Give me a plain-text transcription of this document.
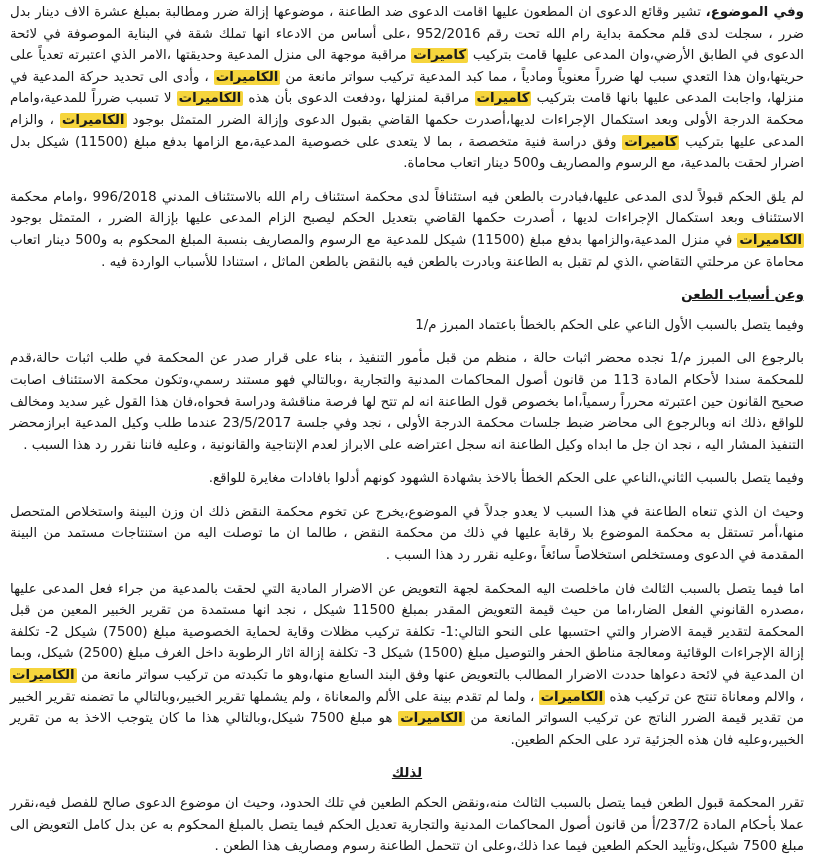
وفي الموضوع، تشير وقائع الدعوى ان المطعون عليها اقامت الدعوى ضد الطاعنة ، موضوعها إزالة ضرر ومطالبة بمبلغ عشرة الاف دينار بدل ضرر ، سجلت لدى قلم محكمة بداية رام الله تحت رقم 952/2016 ،على أساس من الادعاء انها تملك شقة في البناية الموصوفة في لائحة الدعوى في الطابق الأرضي،وان المدعى عليها قامت بتركيب كاميرات مراقبة موجهة الى منزل المدعية وحديقتها ،الامر الذي اعتبرته تعدياً على حريتها،وان هذا التعدي سبب لها ضرراً معنوياً ومادياً ، مما كبد المدعية تركيب سواتر مانعة من الكاميرات ، وأدى الى تحديد حركة المدعية في منزلها، واجابت المدعى عليها بانها قامت بتركيب كاميرات مراقبة لمنزلها ،ودفعت الدعوى بأن هذه الكاميرات لا تسبب ضرراً للمدعية،وامام محكمة الدرجة الأولى وبعد استكمال الإجراءات لديها،أصدرت حكمها القاضي بقبول الدعوى وإزالة الضرر المتمثل بوجود الكاميرات ، والزام المدعى عليها بتركيب كاميرات وفق دراسة فنية متخصصة ، بما لا يتعدى على خصوصية المدعية،مع الزامها بدفع مبلغ (11500) شيكل بدل اضرار لحقت بالمدعية، مع الرسوم والمصاريف و500 دينار اتعاب محاماة.

لم يلق الحكم قبولاً لدى المدعى عليها،فبادرت بالطعن فيه استئنافاً لدى محكمة استئناف رام الله بالاستئناف المدني 996/2018 ،وامام محكمة الاستئناف وبعد استكمال الإجراءات لديها ، أصدرت حكمها القاضي بتعديل الحكم ليصبح الزام المدعى عليها بإزالة الضرر ، المتمثل بوجود الكاميرات في منزل المدعية،والزامها بدفع مبلغ (11500) شيكل للمدعية مع الرسوم والمصاريف بنسبة المبلغ المحكوم به و500 دينار اتعاب محاماة عن مرحلتي التقاضي ،الذي لم تقبل به الطاعنة وبادرت بالطعن فيه بالنقض بالطعن الماثل ، استنادا للأسباب الواردة فيه .

وعن أسباب الطعن

وفيما يتصل بالسبب الأول الناعي على الحكم بالخطأ باعتماد المبرز م/1

بالرجوع الى المبرز م/1 نجده محضر اثبات حالة ، منظم من قبل مأمور التنفيذ ، بناء على قرار صدر عن المحكمة في طلب اثبات حالة،قدم للمحكمة سندا لأحكام المادة 113 من قانون أصول المحاكمات المدنية والتجارية ،وبالتالي فهو مستند رسمي،وتكون محكمة الاستئناف اصابت صحيح القانون حين اعتبرته محرراً رسمياً،اما بخصوص قول الطاعنة انه لم تتح لها فرصة مناقشة ودراسة فحواه،فان هذا القول غير سديد ومخالف للواقع ،ذلك انه وبالرجوع الى محاضر ضبط جلسات محكمة الدرجة الأولى ، نجد وفي جلسة 23/5/2017 عندما طلب وكيل المدعية ابرازمحضر التنفيذ المشار اليه ، نجد ان جل ما ابداه وكيل الطاعنة انه سجل اعتراضه على الابراز لعدم الإنتاجية والقانونية ، وعليه فاننا نقرر رد هذا السبب .

وفيما يتصل بالسبب الثاني،الناعي على الحكم الخطأ بالاخذ بشهادة الشهود كونهم أدلوا بافادات مغايرة للواقع.

وحيث ان الذي تنعاه الطاعنة في هذا السبب لا يعدو جدلاً في الموضوع،يخرج عن تخوم محكمة النقض ذلك ان وزن البينة واستخلاص المتحصل منها،أمر تستقل به محكمة الموضوع بلا رقابة عليها في ذلك من محكمة النقض ، طالما ان ما توصلت اليه من استنتاجات مستمد من البينة المقدمة في الدعوى ومستخلص استخلاصاً سائغاً ،وعليه نقرر رد هذا السبب .

اما فيما يتصل بالسبب الثالث فان ماخلصت اليه المحكمة لجهة التعويض عن الاضرار المادية التي لحقت بالمدعية من جراء فعل المدعى عليها ،مصدره القانوني الفعل الضار،اما من حيث قيمة التعويض المقدر بمبلغ 11500 شيكل ، نجد انها مستمدة من تقرير الخبير المعين من قبل المحكمة لتقدير قيمة الاضرار والتي احتسبها على النحو التالي:1- تكلفة تركيب مظلات وقاية لحماية الخصوصية مبلغ (7500) شيكل 2- تكلفة إزالة الإجراءات الوقائية ومعالجة مناطق الحفر والتوصيل مبلغ (1500) شيكل 3- تكلفة إزالة اثار الرطوبة داخل الغرف مبلغ (2500) شيكل، وبما ان المدعية في لائحة دعواها حددت الاضرار المطالب بالتعويض عنها وفق البند السابع منها،وهو ما تكبدته من تركيب سواتر مانعة من الكاميرات ، والالم ومعاناة تنتج عن تركيب هذه الكاميرات ، ولما لم تقدم بينة على الألم والمعاناة ، ولم يشملها تقرير الخبير،وبالتالي ما تضمنه تقرير الخبير من تقدير قيمة الضرر الناتج عن تركيب السواتر المانعة من الكاميرات هو مبلغ 7500 شيكل،وبالتالي هذا ما كان يتوجب الاخذ به من تقرير الخبير،وعليه فان هذه الجزئية ترد على الحكم الطعين.

لذلك

تقرر المحكمة قبول الطعن فيما يتصل بالسبب الثالث منه،ونقض الحكم الطعين في تلك الحدود، وحيث ان موضوع الدعوى صالح للفصل فيه،نقرر عملا بأحكام المادة 237/2/أ من قانون أصول المحاكمات المدنية والتجارية تعديل الحكم فيما يتصل بالمبلغ المحكوم به عن بدل كامل التعويض الى مبلغ 7500 شيكل،وتأييد الحكم الطعين فيما عدا ذلك،وعلى ان تتحمل الطاعنة رسوم ومصاريف هذا الطعن .
